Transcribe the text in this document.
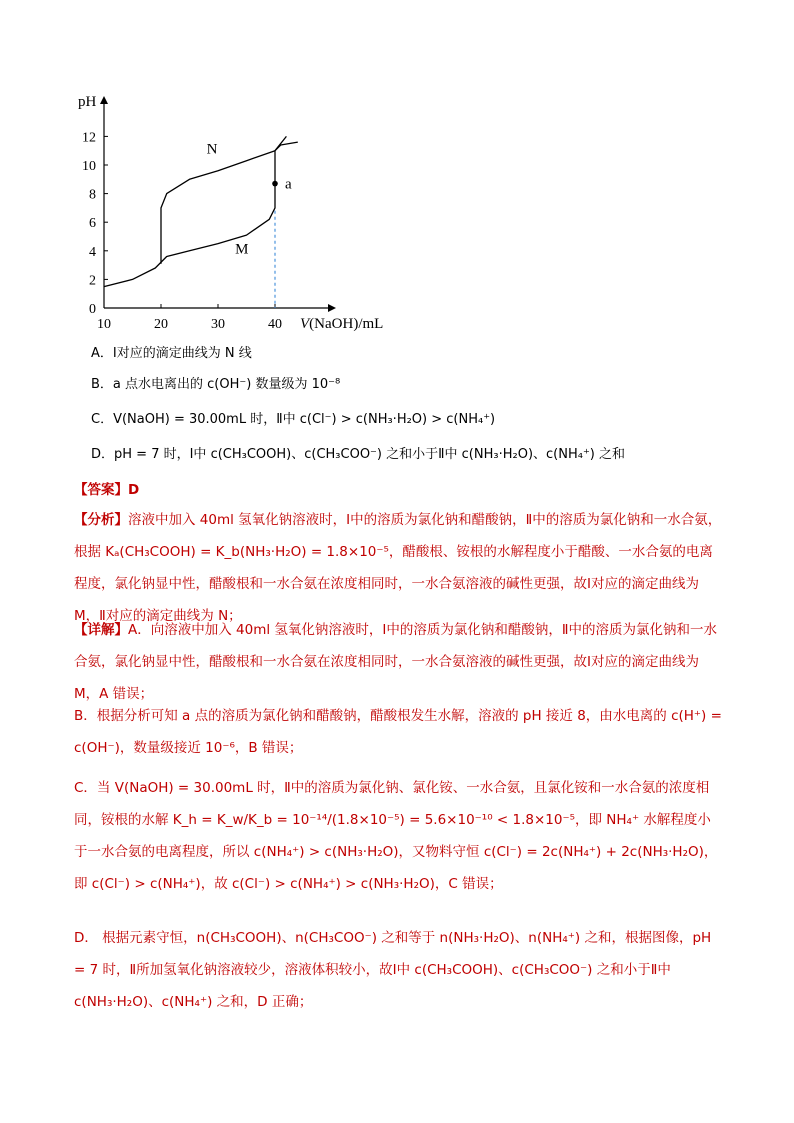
0
2
4
6
8
10
12
10	20	30	40
a
N
M
pH
V(NaOH)/mL
A．Ⅰ对应的滴定曲线为 N 线
B．a 点水电离出的 c(OH⁻) 数量级为 10⁻⁸
C．V(NaOH) = 30.00mL 时，Ⅱ中 c(Cl⁻) > c(NH₃·H₂O) > c(NH₄⁺)
D．pH = 7 时，Ⅰ中 c(CH₃COOH)、c(CH₃COO⁻) 之和小于Ⅱ中 c(NH₃·H₂O)、c(NH₄⁺) 之和
【答案】D
【分析】溶液中加入 40ml 氢氧化钠溶液时，Ⅰ中的溶质为氯化钠和醋酸钠，Ⅱ中的溶质为氯化钠和一水合氨，根据 Kₐ(CH₃COOH) = K_b(NH₃·H₂O) = 1.8×10⁻⁵，醋酸根、铵根的水解程度小于醋酸、一水合氨的电离程度，氯化钠显中性，醋酸根和一水合氨在浓度相同时，一水合氨溶液的碱性更强，故Ⅰ对应的滴定曲线为 M，Ⅱ对应的滴定曲线为 N；
【详解】A．向溶液中加入 40ml 氢氧化钠溶液时，Ⅰ中的溶质为氯化钠和醋酸钠，Ⅱ中的溶质为氯化钠和一水合氨，氯化钠显中性，醋酸根和一水合氨在浓度相同时，一水合氨溶液的碱性更强，故Ⅰ对应的滴定曲线为 M，A 错误；
B．根据分析可知 a 点的溶质为氯化钠和醋酸钠，醋酸根发生水解，溶液的 pH 接近 8，由水电离的 c(H⁺) = c(OH⁻)，数量级接近 10⁻⁶，B 错误；
C．当 V(NaOH) = 30.00mL 时，Ⅱ中的溶质为氯化钠、氯化铵、一水合氨，且氯化铵和一水合氨的浓度相同，铵根的水解 K_h = K_w/K_b = 10⁻¹⁴/(1.8×10⁻⁵) = 5.6×10⁻¹⁰ < 1.8×10⁻⁵，即 NH₄⁺ 水解程度小于一水合氨的电离程度，所以 c(NH₄⁺) > c(NH₃·H₂O)，又物料守恒 c(Cl⁻) = 2c(NH₄⁺) + 2c(NH₃·H₂O)，即 c(Cl⁻) > c(NH₄⁺)，故 c(Cl⁻) > c(NH₄⁺) > c(NH₃·H₂O)，C 错误；
D． 根据元素守恒，n(CH₃COOH)、n(CH₃COO⁻) 之和等于 n(NH₃·H₂O)、n(NH₄⁺) 之和，根据图像，pH = 7 时，Ⅱ所加氢氧化钠溶液较少，溶液体积较小，故Ⅰ中 c(CH₃COOH)、c(CH₃COO⁻) 之和小于Ⅱ中 c(NH₃·H₂O)、c(NH₄⁺) 之和，D 正确；
